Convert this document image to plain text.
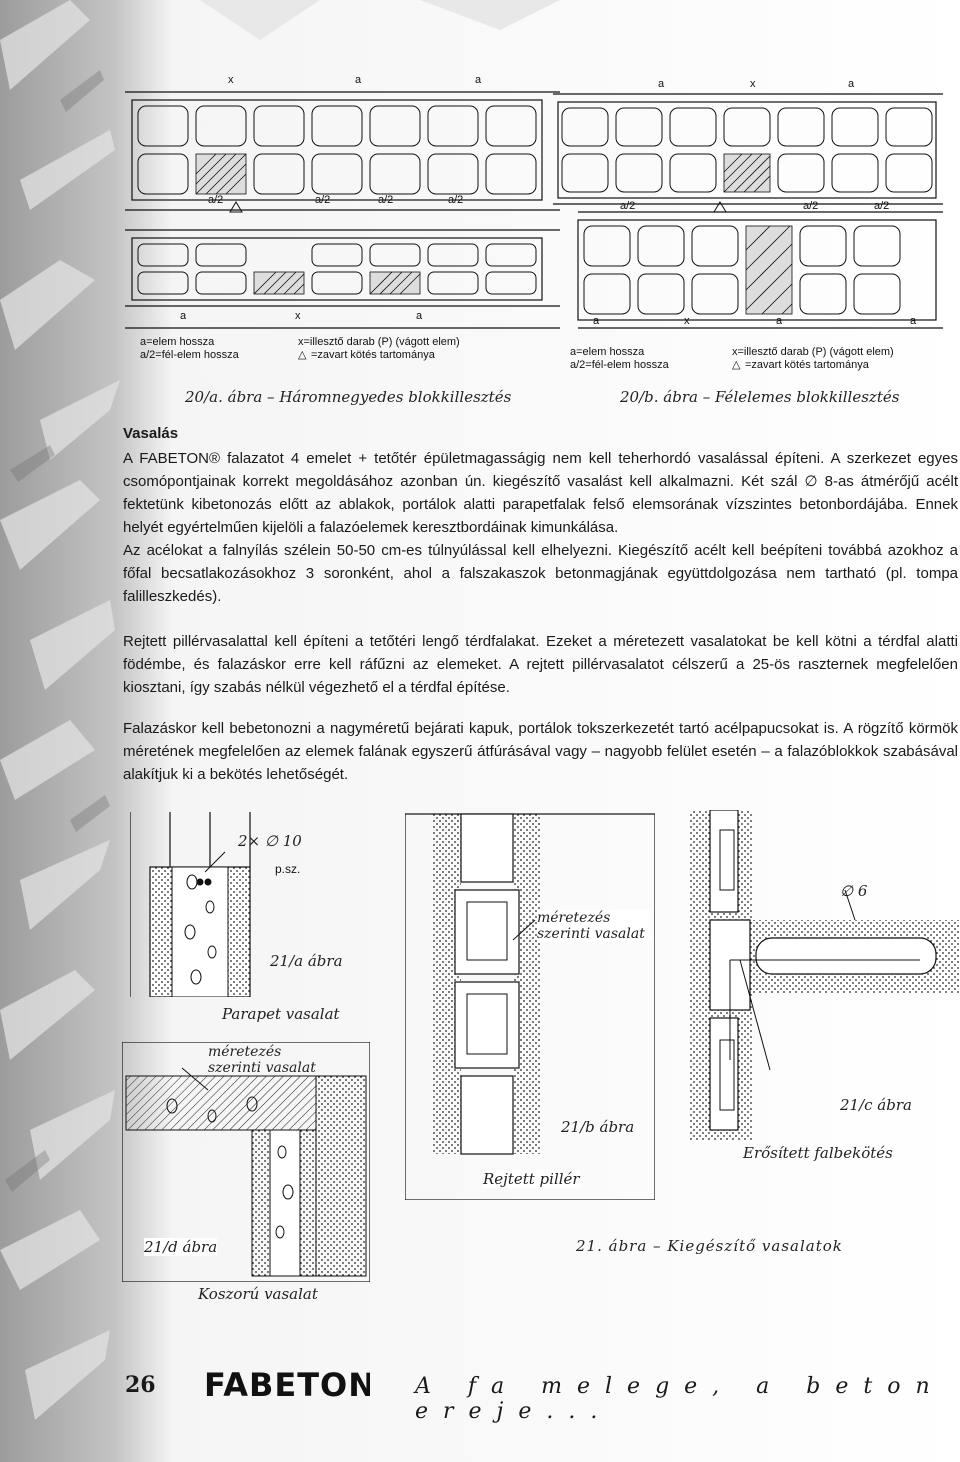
x	a	a
a/2	a/2	a/2	a/2
a	x	a
a=elem hossza
a/2=fél-elem hossza
x=illesztő darab (P) (vágott elem)
△ =zavart kötés tartománya
20/a. ábra – Háromnegyedes blokkillesztés
a	x	a
a/2	a/2	a/2
a	x	a	a
a=elem hossza
a/2=fél-elem hossza
x=illesztő darab (P) (vágott elem)
△ =zavart kötés tartománya
20/b. ábra – Félelemes blokkillesztés
Vasalás

A FABETON® falazatot 4 emelet + tetőtér épületmagasságig nem kell teherhordó vasalással építeni. A szerkezet egyes csomópontjainak korrekt megoldásához azonban ún. kiegészítő vasalást kell alkalmazni. Két szál ∅ 8-as átmérőjű acélt fektetünk kibetonozás előtt az ablakok, portálok alatti parapetfalak felső elemsorának vízszintes betonbordájába. Ennek helyét egyértelműen kijelöli a falazóelemek keresztbordáinak kimunkálása.

Az acélokat a falnyílás szélein 50-50 cm-es túlnyúlással kell elhelyezni. Kiegészítő acélt kell beépíteni továbbá azokhoz a főfal becsatlakozásokhoz 3 soronként, ahol a falszakaszok betonmagjának együttdolgozása nem tartható (pl. tompa falilleszkedés).

Rejtett pillérvasalattal kell építeni a tetőtéri lengő térdfalakat. Ezeket a méretezett vasalatokat be kell kötni a térdfal alatti födémbe, és falazáskor erre kell ráfűzni az elemeket. A rejtett pillérvasalatot célszerű a 25-ös raszternek megfelelően kiosztani, így szabás nélkül végezhető el a térdfal építése.

Falazáskor kell bebetonozni a nagyméretű bejárati kapuk, portálok tokszerkezetét tartó acélpapucsokat is. A rögzítő körmök méretének megfelelően az elemek falának egyszerű átfúrásával vagy – nagyobb felület esetén – a falazóblokkok szabásával alakítjuk ki a bekötés lehetőségét.

2× ∅ 10
p.sz.
21/a ábra
Parapet vasalat
méretezés szerinti vasalat
21/d ábra
Koszorú vasalat
méretezés szerinti vasalat
21/b ábra
Rejtett pillér
∅ 6
21/c ábra
Erősített falbekötés
21. ábra – Kiegészítő vasalatok
26 FABETON A fa melege, a beton ereje...
